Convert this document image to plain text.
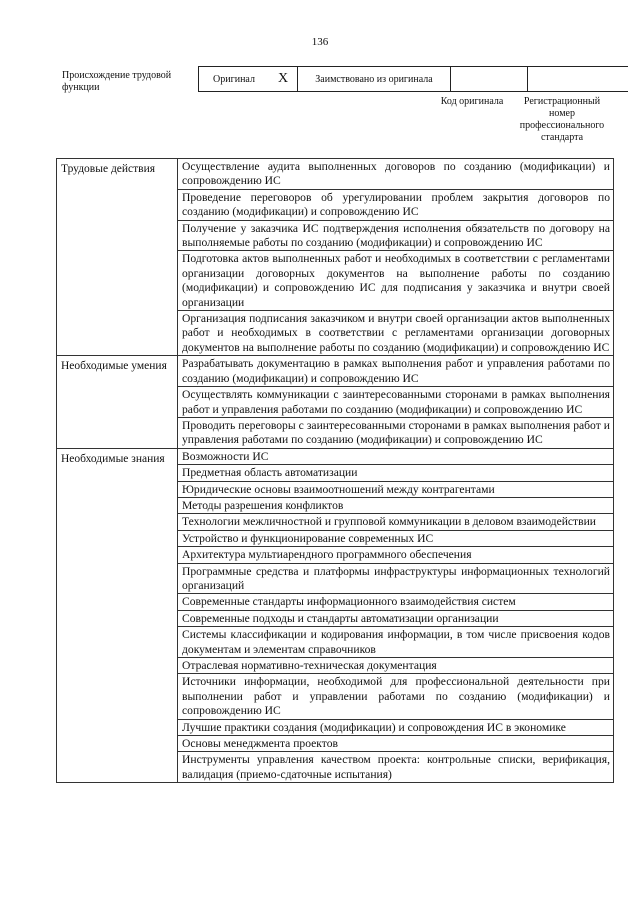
136
Происхождение трудовой функции
Оригинал	X	Заимствовано из оригинала		
Код оригинала	Регистрационный номер профессионального стандарта
Трудовые действия	Осуществление аудита выполненных договоров по созданию (модификации) и сопровождению ИС
	Проведение переговоров об урегулировании проблем закрытия договоров по созданию (модификации) и сопровождению ИС
	Получение у заказчика ИС подтверждения исполнения обязательств по договору на выполняемые работы по созданию (модификации) и сопровождению ИС
	Подготовка актов выполненных работ и необходимых в соответствии с регламентами организации договорных документов на выполнение работы по созданию (модификации) и сопровождению ИС для подписания у заказчика и внутри своей организации
	Организация подписания заказчиком и внутри своей организации актов выполненных работ и необходимых в соответствии с регламентами организации договорных документов на выполнение работы по созданию (модификации) и сопровождению ИС
Необходимые умения	Разрабатывать документацию в рамках выполнения работ и управления работами по созданию (модификации) и сопровождению ИС
	Осуществлять коммуникации с заинтересованными сторонами в рамках выполнения работ и управления работами по созданию (модификации) и сопровождению ИС
	Проводить переговоры с заинтересованными сторонами в рамках выполнения работ и управления работами по созданию (модификации) и сопровождению ИС
Необходимые знания	Возможности ИС
	Предметная область автоматизации
	Юридические основы взаимоотношений между контрагентами
	Методы разрешения конфликтов
	Технологии межличностной и групповой коммуникации в деловом взаимодействии
	Устройство и функционирование современных ИС
	Архитектура мультиарендного программного обеспечения
	Программные средства и платформы инфраструктуры информационных технологий организаций
	Современные стандарты информационного взаимодействия систем
	Современные подходы и стандарты автоматизации организации
	Системы классификации и кодирования информации, в том числе присвоения кодов документам и элементам справочников
	Отраслевая нормативно-техническая документация
	Источники информации, необходимой для профессиональной деятельности при выполнении работ и управлении работами по созданию (модификации) и сопровождению ИС
	Лучшие практики создания (модификации) и сопровождения ИС в экономике
	Основы менеджмента проектов
	Инструменты управления качеством проекта: контрольные списки, верификация, валидация (приемо-сдаточные испытания)
